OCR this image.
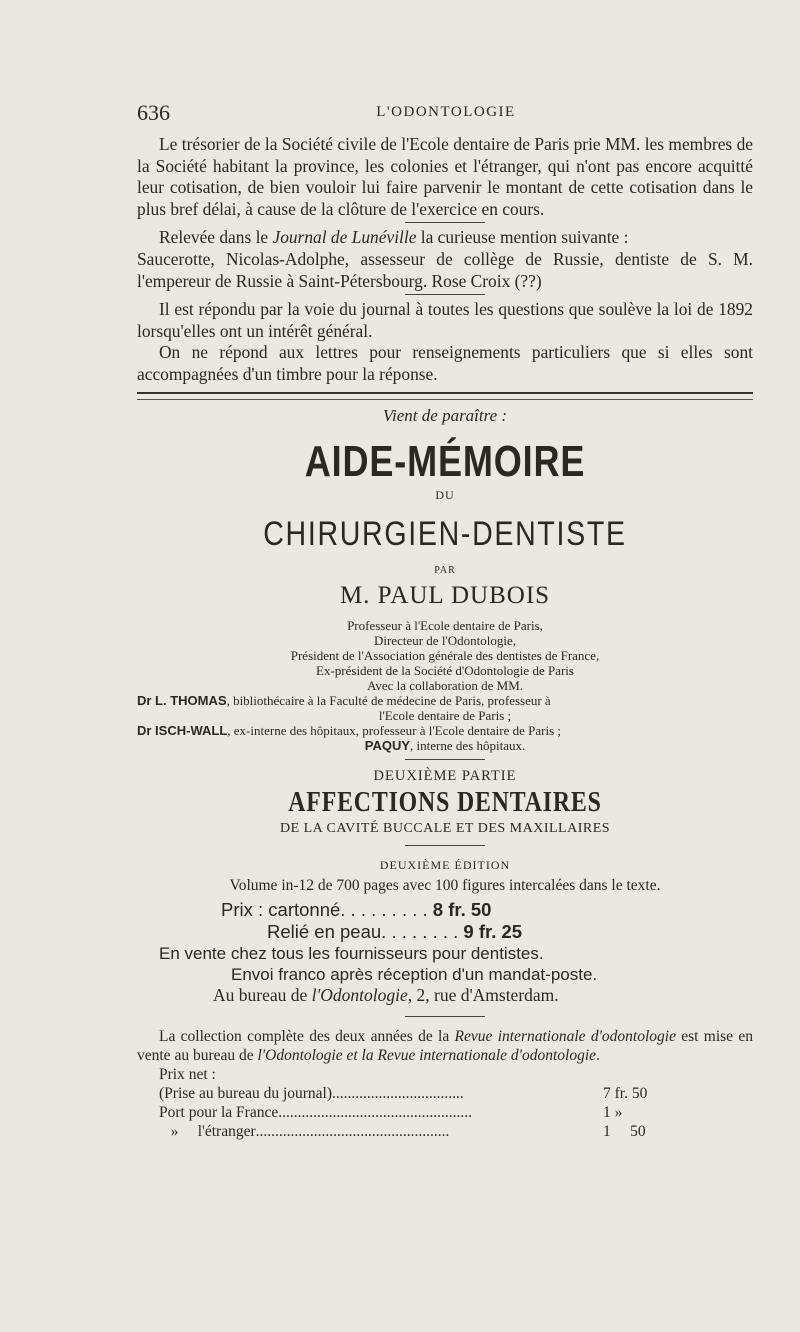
636	L'ODONTOLOGIE

Le trésorier de la Société civile de l'Ecole dentaire de Paris prie MM. les membres de la Société habitant la province, les colonies et l'étranger, qui n'ont pas encore acquitté leur cotisation, de bien vouloir lui faire parvenir le montant de cette cotisation dans le plus bref délai, à cause de la clôture de l'exercice en cours.

Relevée dans le Journal de Lunéville la curieuse mention suivante :

Saucerotte, Nicolas-Adolphe, assesseur de collège de Russie, dentiste de S. M. l'empereur de Russie à Saint-Pétersbourg. Rose Croix (??)

Il est répondu par la voie du journal à toutes les questions que soulève la loi de 1892 lorsqu'elles ont un intérêt général.

On ne répond aux lettres pour renseignements particuliers que si elles sont accompagnées d'un timbre pour la réponse.

Vient de paraître :
AIDE-MÉMOIRE
DU
CHIRURGIEN-DENTISTE
PAR
M. PAUL DUBOIS

Professeur à l'Ecole dentaire de Paris,

Directeur de l'Odontologie,

Président de l'Association générale des dentistes de France,

Ex-président de la Société d'Odontologie de Paris

Avec la collaboration de MM.

Dr L. THOMAS, bibliothécaire à la Faculté de médecine de Paris, professeur à

l'Ecole dentaire de Paris ;

Dr ISCH-WALL, ex-interne des hôpitaux, professeur à l'Ecole dentaire de Paris ;

PAQUY, interne des hôpitaux.

DEUXIÈME PARTIE
AFFECTIONS DENTAIRES
DE LA CAVITÉ BUCCALE ET DES MAXILLAIRES
DEUXIÈME ÉDITION
Volume in-12 de 700 pages avec 100 figures intercalées dans le texte.
Prix : cartonné. . . . . . . . . 8 fr. 50
Relié en peau. . . . . . . . 9 fr. 25
En vente chez tous les fournisseurs pour dentistes.
Envoi franco après réception d'un mandat-poste.
Au bureau de l'Odontologie, 2, rue d'Amsterdam.

La collection complète des deux années de la Revue internationale d'odontologie est mise en vente au bureau de l'Odontologie et la Revue internationale d'odontologie.

Prix net :
(Prise au bureau du journal) ..................................	7 fr. 50
Port pour la France ..................................................	1 »
»     l'étranger ..................................................	1     50
